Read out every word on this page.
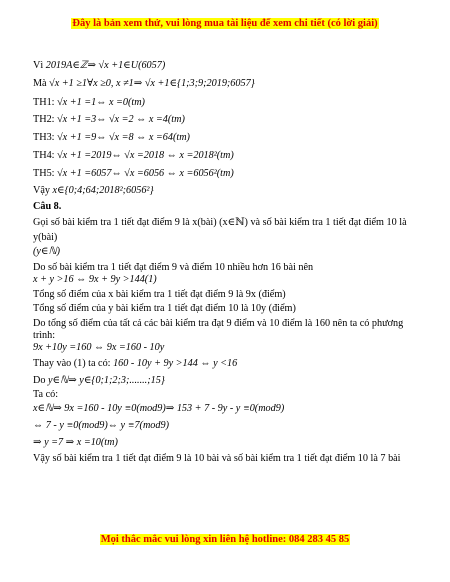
Đây là bản xem thử, vui lòng mua tài liệu để xem chi tiết (có lời giải)
Vì 2019A∈ℤ⇒ √x +1∈U(6057)
Mà √x +1 ≥1∀x ≥0, x ≠1⇒ √x +1∈{1;3;9;2019;6057}
TH1: √x +1 =1⇔ x =0(tm)
TH2: √x +1 =3⇔ √x =2 ⇔ x =4(tm)
TH3: √x +1 =9⇔ √x =8 ⇔ x =64(tm)
TH4: √x +1 =2019⇔ √x =2018 ⇔ x =2018²(tm)
TH5: √x +1 =6057⇔ √x =6056 ⇔ x =6056²(tm)
Vậy x∈{0;4;64;2018²;6056²}
Câu 8.
Gọi số bài kiểm tra 1 tiết đạt điểm 9 là x(bài) (x∈ℕ) và số bài kiểm tra 1 tiết đạt điểm 10 là
y(bài)
(y∈ℕ)
Do số bài kiểm tra 1 tiết đạt điểm 9 và điểm 10 nhiều hơn 16 bài nên
x + y >16 ⇔ 9x + 9y >144(1)
Tổng số điểm của x bài kiểm tra 1 tiết đạt điểm 9 là 9x (điểm)
Tổng số điểm của y bài kiểm tra 1 tiết đạt điểm 10 là 10y (điểm)
Do tổng số điểm của tất cả các bài kiểm tra đạt 9 điểm và 10 điểm là 160 nên ta có phương
trình:
9x +10y =160 ⇔ 9x =160 - 10y
Thay vào (1) ta có: 160 - 10y + 9y >144 ⇔ y <16
Do y∈ℕ⇒ y∈{0;1;2;3;.......;15}
Ta có:
x∈ℕ⇒ 9x =160 - 10y ≡0(mod9)⇒ 153 + 7 - 9y - y ≡0(mod9)
⇔ 7 - y ≡0(mod9)⇔ y ≡7(mod9)
⇒ y =7 ⇒ x =10(tm)
Vậy số bài kiểm tra 1 tiết đạt điểm 9 là 10 bài và số bài kiểm tra 1 tiết đạt điểm 10 là 7 bài
Mọi thắc mắc vui lòng xin liên hệ hotline: 084 283 45 85
